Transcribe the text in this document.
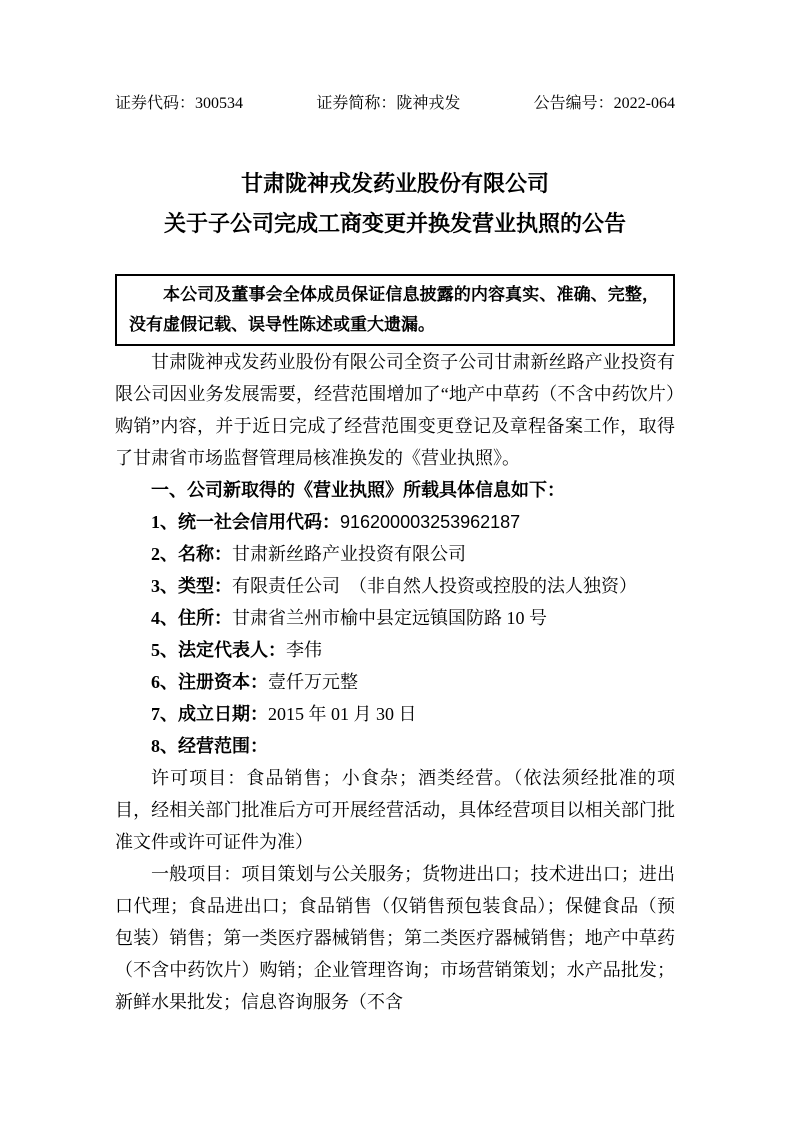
证券代码：300534	证券简称：陇神戎发	公告编号：2022-064
甘肃陇神戎发药业股份有限公司
关于子公司完成工商变更并换发营业执照的公告

本公司及董事会全体成员保证信息披露的内容真实、准确、完整，没有虚假记载、误导性陈述或重大遗漏。

甘肃陇神戎发药业股份有限公司全资子公司甘肃新丝路产业投资有限公司因业务发展需要，经营范围增加了“地产中草药（不含中药饮片）购销”内容，并于近日完成了经营范围变更登记及章程备案工作，取得了甘肃省市场监督管理局核准换发的《营业执照》。

一、公司新取得的《营业执照》所载具体信息如下：

1、统一社会信用代码：916200003253962187

2、名称：甘肃新丝路产业投资有限公司

3、类型：有限责任公司　（非自然人投资或控股的法人独资）

4、住所：甘肃省兰州市榆中县定远镇国防路 10 号

5、法定代表人：李伟

6、注册资本：壹仟万元整

7、成立日期：2015 年 01 月 30 日

8、经营范围：

许可项目：食品销售；小食杂；酒类经营。（依法须经批准的项目，经相关部门批准后方可开展经营活动，具体经营项目以相关部门批准文件或许可证件为准）

一般项目：项目策划与公关服务；货物进出口；技术进出口；进出口代理；食品进出口；食品销售（仅销售预包装食品）；保健食品（预包装）销售；第一类医疗器械销售；第二类医疗器械销售；地产中草药（不含中药饮片）购销；企业管理咨询；市场营销策划；水产品批发；新鲜水果批发；信息咨询服务（不含
